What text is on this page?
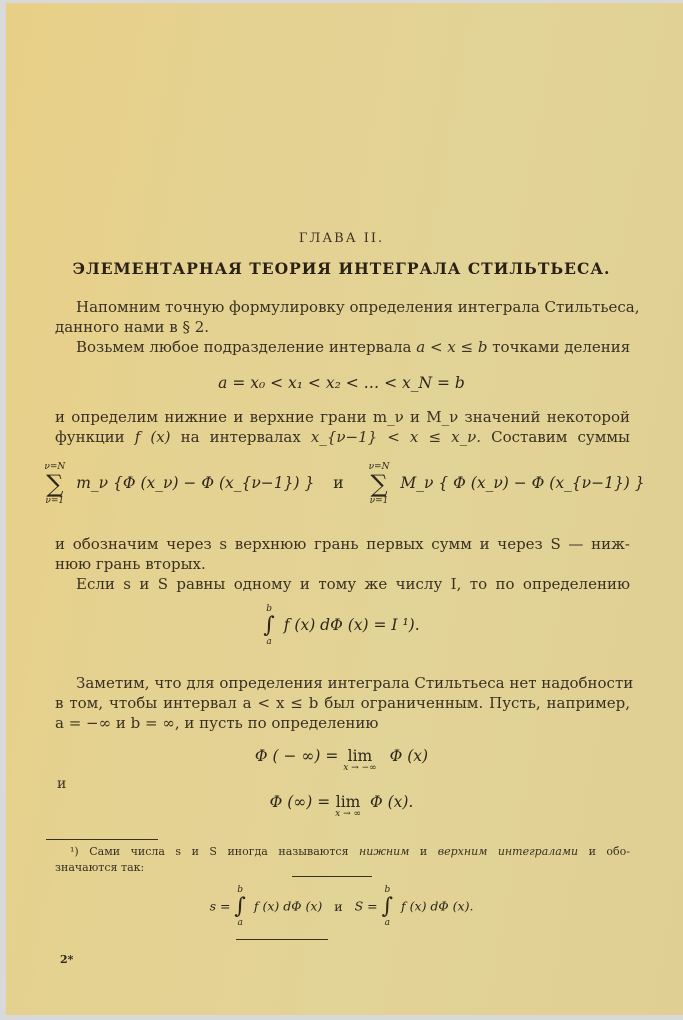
ГЛАВА II.
ЭЛЕМЕНТАРНАЯ ТЕОРИЯ ИНТЕГРАЛА СТИЛЬТЬЕСА.
Напомним точную формулировку определения интеграла Стильтьеса,
данного нами в § 2.
Возьмем любое подразделение интервала a < x ≤ b точками деления
a = x₀ < x₁ < x₂ < … < x_N = b
и определим нижние и верхние грани m_ν и M_ν значений некоторой
функции f (x) на интервалах x_{ν−1} < x ≤ x_ν. Составим суммы
ν=N
∑
ν=1
m_ν {Φ (x_ν) − Φ (x_{ν−1}) } и
ν=N
∑
ν=1
M_ν { Φ (x_ν) − Φ (x_{ν−1}) }
и обозначим через s верхнюю грань первых сумм и через S — ниж-
нюю грань вторых.
Если s и S равны одному и тому же числу I, то по определению
b
∫
a
f (x) dΦ (x) = I ¹).
Заметим, что для определения интеграла Стильтьеса нет надобности
в том, чтобы интервал a < x ≤ b был ограниченным. Пусть, например,
a = −∞ и b = ∞, и пусть по определению
Φ ( − ∞) = lim
x → −∞
Φ (x)
и
Φ (∞) = lim
x → ∞
Φ (x).
¹) Сами числа s и S иногда называются нижним и верхним интегралами и обо-
значаются так:
s =
b
∫
a
f (x) dΦ (x) и S =
b
∫
a
f (x) dΦ (x).
2*
